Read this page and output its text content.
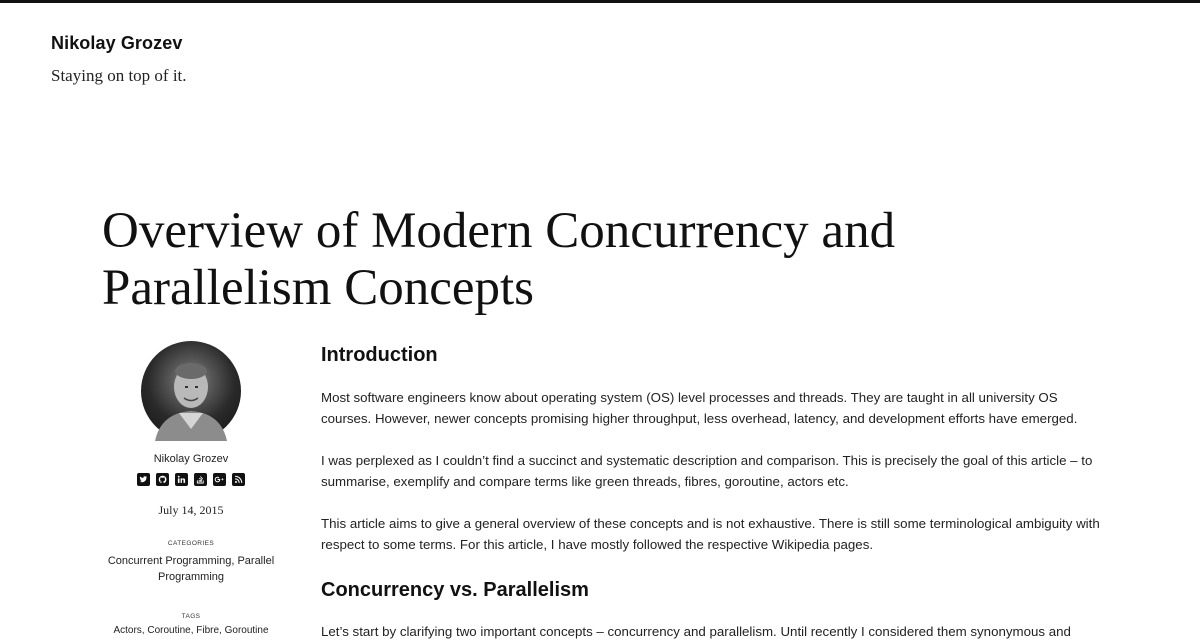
Nikolay Grozev
Staying on top of it.
Overview of Modern Concurrency and Parallelism Concepts
Nikolay Grozev
July 14, 2015
CATEGORIES
Concurrent Programming, Parallel Programming
TAGS
Actors, Coroutine, Fibre, Goroutine
Introduction

Most software engineers know about operating system (OS) level processes and threads. They are taught in all university OS courses. However, newer concepts promising higher throughput, less overhead, latency, and development efforts have emerged.

I was perplexed as I couldn’t find a succinct and systematic description and comparison. This is precisely the goal of this article – to summarise, exemplify and compare terms like green threads, fibres, goroutine, actors etc.

This article aims to give a general overview of these concepts and is not exhaustive. There is still some terminological ambiguity with respect to some terms. For this article, I have mostly followed the respective Wikipedia pages.

Concurrency vs. Parallelism

Let’s start by clarifying two important concepts – concurrency and parallelism. Until recently I considered them synonymous and
